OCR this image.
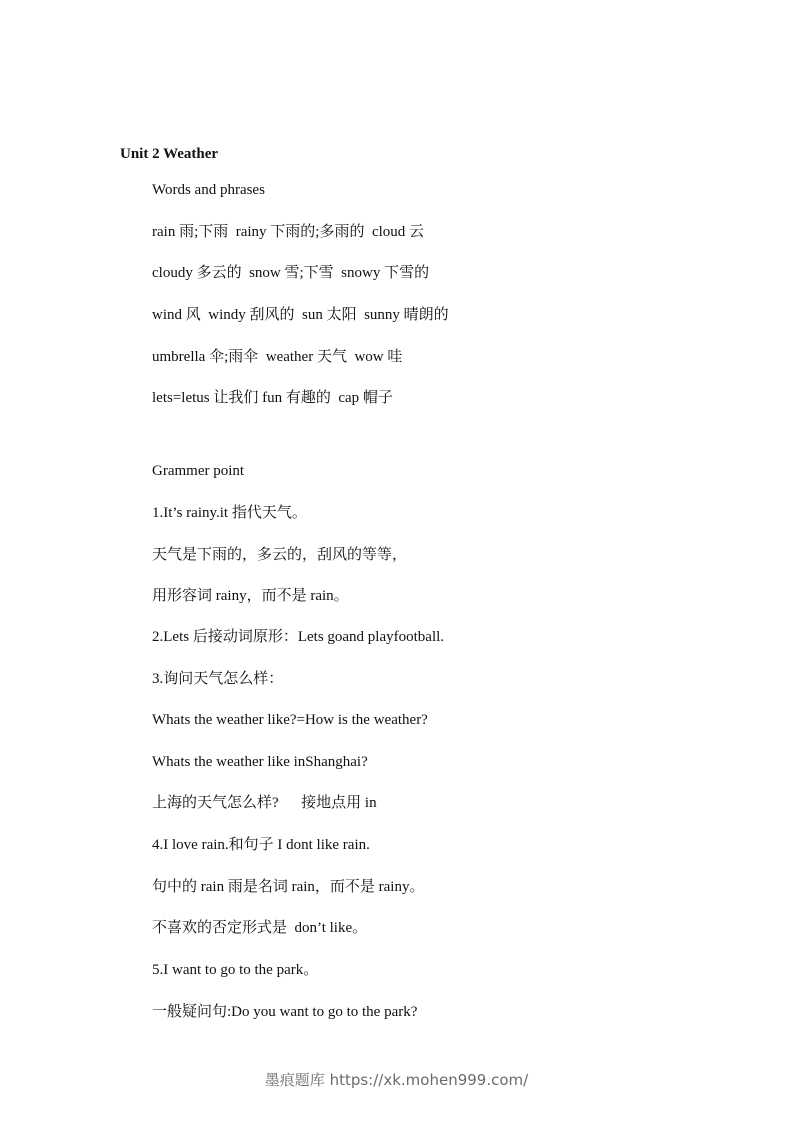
Unit 2 Weather
Words and phrases
rain 雨;下雨  rainy 下雨的;多雨的  cloud 云
cloudy 多云的  snow 雪;下雪  snowy 下雪的
wind 风  windy 刮风的  sun 太阳  sunny 晴朗的
umbrella 伞;雨伞  weather 天气  wow 哇
lets=letus 让我们 fun 有趣的  cap 帽子
Grammer point
1.It’s rainy.it 指代天气。
天气是下雨的，多云的，刮风的等等，
用形容词 rainy，而不是 rain。
2.Lets 后接动词原形：Lets goand playfootball.
3.询问天气怎么样：
Whats the weather like?=How is the weather?
Whats the weather like inShanghai?
上海的天气怎么样?      接地点用 in
4.I love rain.和句子 I dont like rain.
句中的 rain 雨是名词 rain，而不是 rainy。
不喜欢的否定形式是  don’t like。
5.I want to go to the park。
一般疑问句:Do you want to go to the park?
墨痕题库 https://xk.mohen999.com/
